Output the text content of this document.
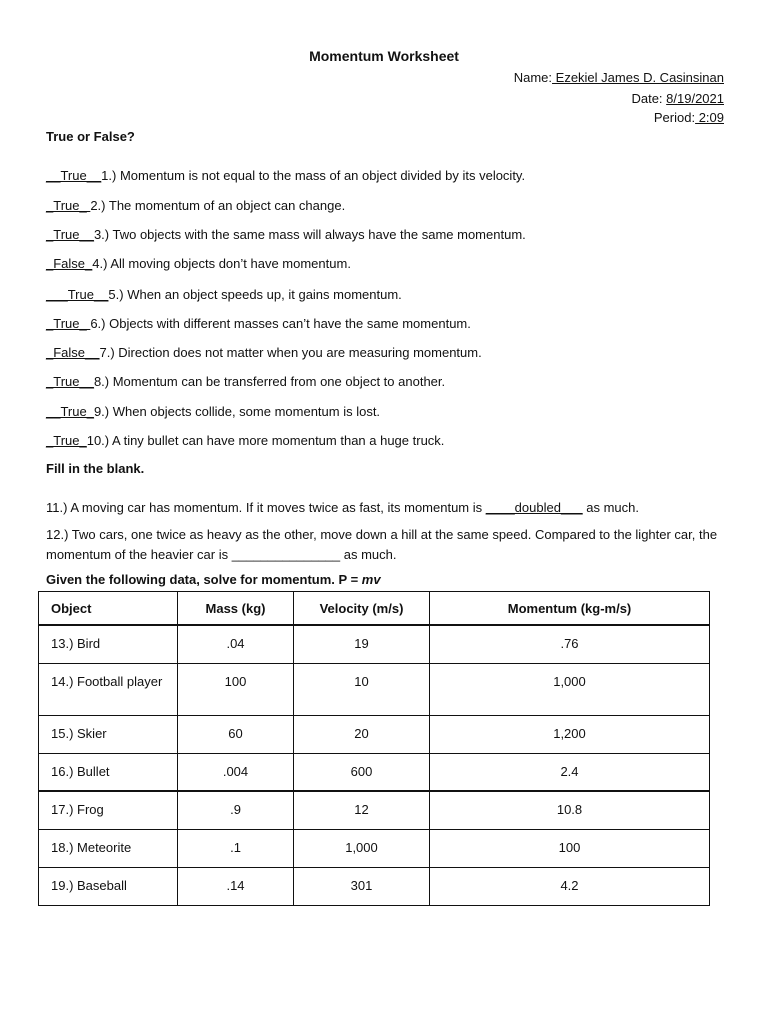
Momentum Worksheet
Name: Ezekiel James D. Casinsinan
Date: 8/19/2021
Period: 2:09
True or False?
__True__1.) Momentum is not equal to the mass of an object divided by its velocity.
_True_ 2.) The momentum of an object can change.
_True__3.) Two objects with the same mass will always have the same momentum.
_False_4.) All moving objects don’t have momentum.
___True__5.) When an object speeds up, it gains momentum.
_True_ 6.) Objects with different masses can’t have the same momentum.
_False__7.) Direction does not matter when you are measuring momentum.
_True__8.) Momentum can be transferred from one object to another.
__True_9.) When objects collide, some momentum is lost.
_True_10.) A tiny bullet can have more momentum than a huge truck.
Fill in the blank.
11.) A moving car has momentum. If it moves twice as fast, its momentum is ____doubled___ as much.
12.) Two cars, one twice as heavy as the other, move down a hill at the same speed. Compared to the lighter car, the momentum of the heavier car is _______________ as much.
Given the following data, solve for momentum. P = mv
Object	Mass (kg)	Velocity (m/s)	Momentum (kg-m/s)
13.) Bird	.04	19	.76
14.) Football player	100	10	1,000
15.) Skier	60	20	1,200
16.) Bullet	.004	600	2.4
17.) Frog	.9	12	10.8
18.) Meteorite	.1	1,000	100
19.) Baseball	.14	301	4.2
